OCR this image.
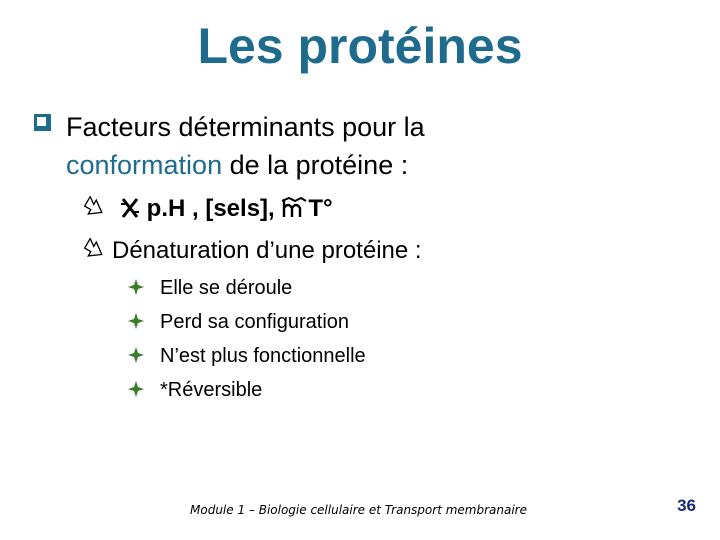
Les protéines
Facteurs déterminants pour la
conformation de la protéine :

p.H , [sels],
T°
Dénaturation d’une protéine :
Elle se déroule
Perd sa configuration
N’est plus fonctionnelle
*Réversible
Module 1 – Biologie cellulaire et Transport membranaire	36
